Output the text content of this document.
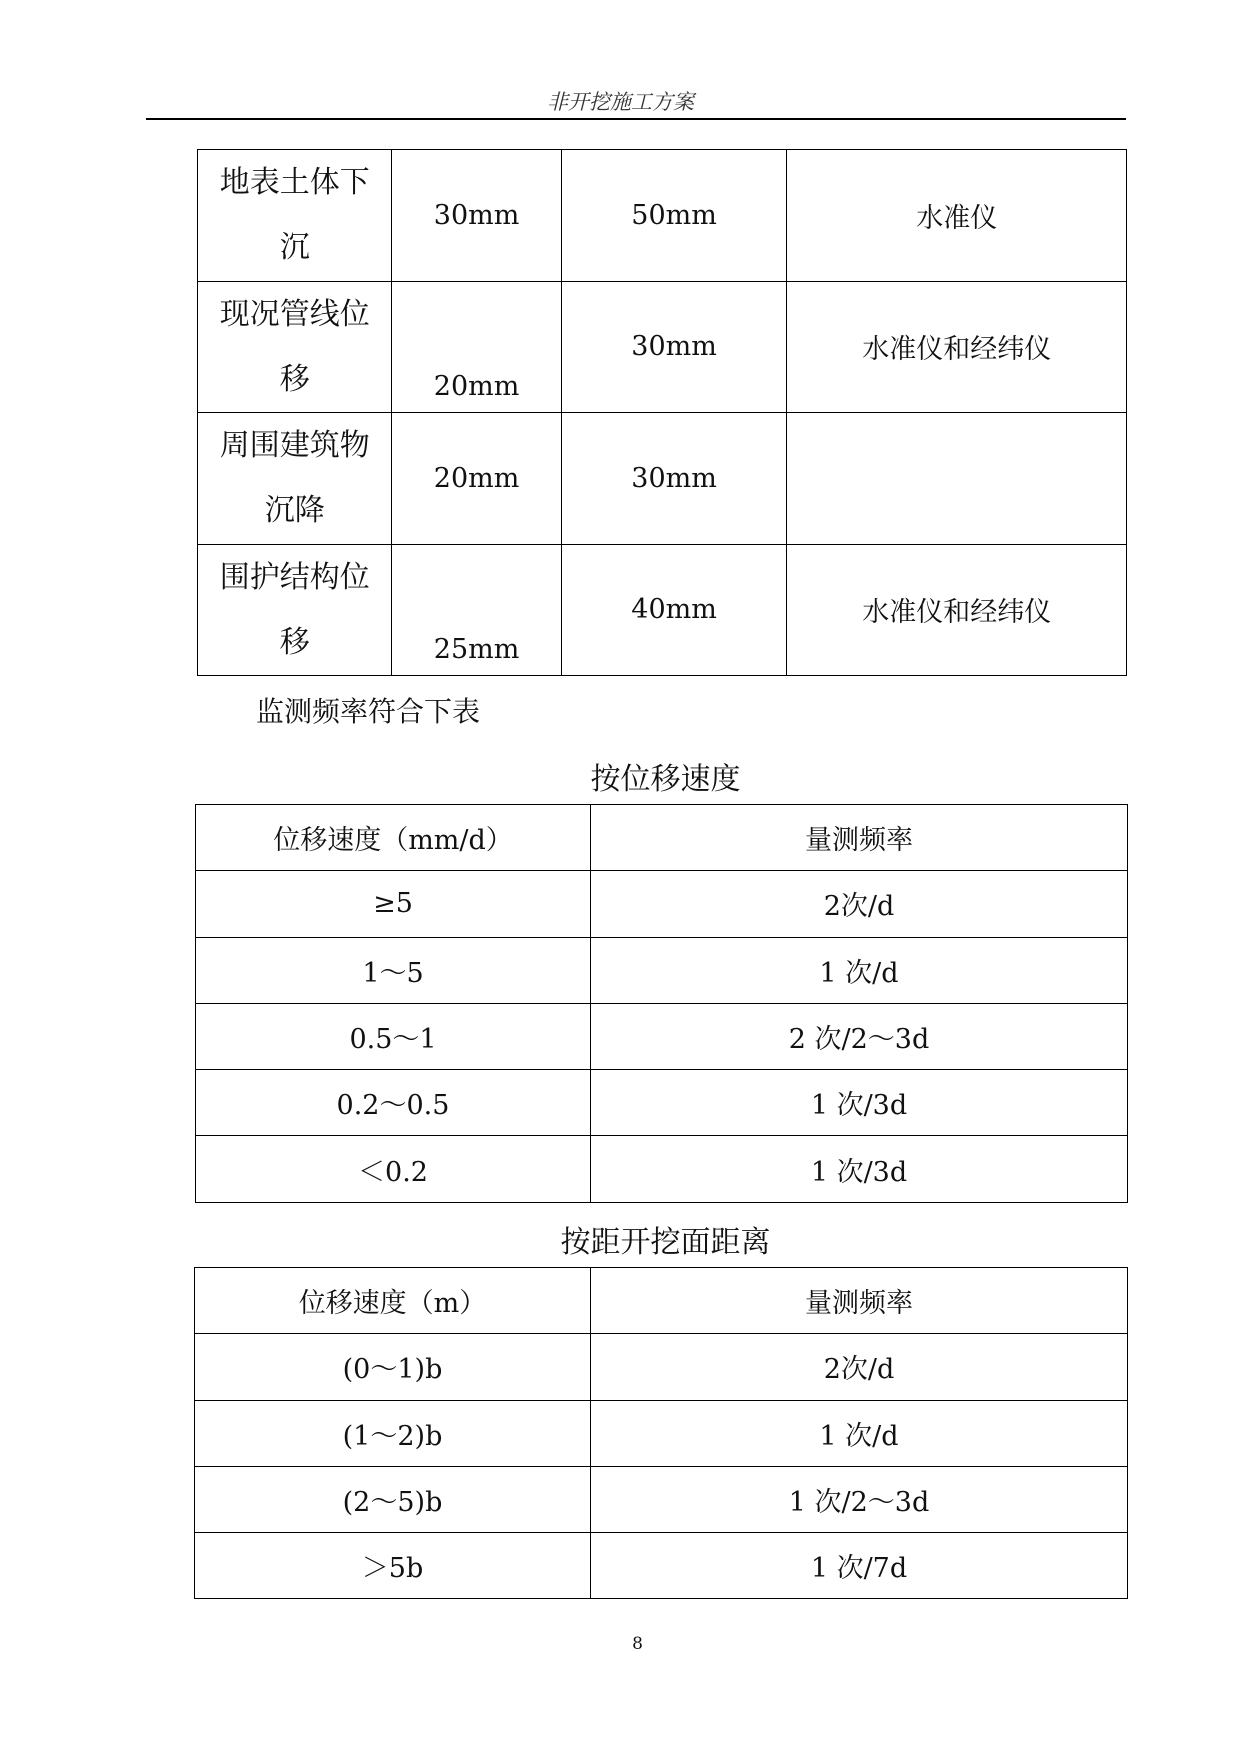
非开挖施工方案
地表土体下沉	30mm	50mm	水准仪
现况管线位移	20mm	30mm	水准仪和经纬仪
周围建筑物沉降	20mm	30mm	
围护结构位移	25mm	40mm	水准仪和经纬仪
监测频率符合下表
按位移速度
位移速度（mm/d）	量测频率
≥5	2次/d
1～5	1 次/d
0.5～1	2 次/2～3d
0.2～0.5	1 次/3d
＜0.2	1 次/3d
按距开挖面距离
位移速度（m）	量测频率
(0～1)b	2次/d
(1～2)b	1 次/d
(2～5)b	1 次/2～3d
＞5b	1 次/7d
8
